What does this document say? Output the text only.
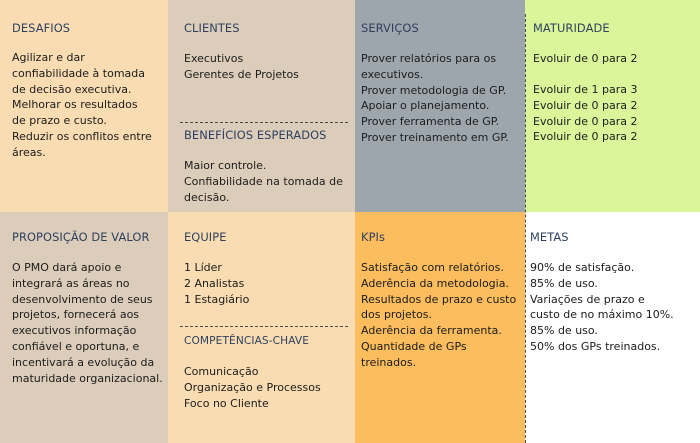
DESAFIOS
Agilizar e dar
confiabilidade à tomada
de decisão executiva.
Melhorar os resultados
de prazo e custo.
Reduzir os conflitos entre
áreas.
CLIENTES
Executivos
Gerentes de Projetos
BENEFÍCIOS ESPERADOS
Maior controle.
Confiabilidade na tomada de
decisão.
SERVIÇOS
Prover relatórios para os
executivos.
Prover metodologia de GP.
Apoiar o planejamento.
Prover ferramenta de GP.
Prover treinamento em GP.
MATURIDADE
Evoluir de 0 para 2
Evoluir de 1 para 3
Evoluir de 0 para 2
Evoluir de 0 para 2
Evoluir de 0 para 2
PROPOSIÇÃO DE VALOR
O PMO dará apoio e
integrará as áreas no
desenvolvimento de seus
projetos, fornecerá aos
executivos informação
confiável e oportuna, e
incentivará a evolução da
maturidade organizacional.
EQUIPE
1 Líder
2 Analistas
1 Estagiário
COMPETÊNCIAS-CHAVE
Comunicação
Organização e Processos
Foco no Cliente
KPIs
Satisfação com relatórios.
Aderência da metodologia.
Resultados de prazo e custo
dos projetos.
Aderência da ferramenta.
Quantidade de GPs
treinados.
METAS
90% de satisfação.
85% de uso.
Variações de prazo e
custo de no máximo 10%.
85% de uso.
50% dos GPs treinados.
